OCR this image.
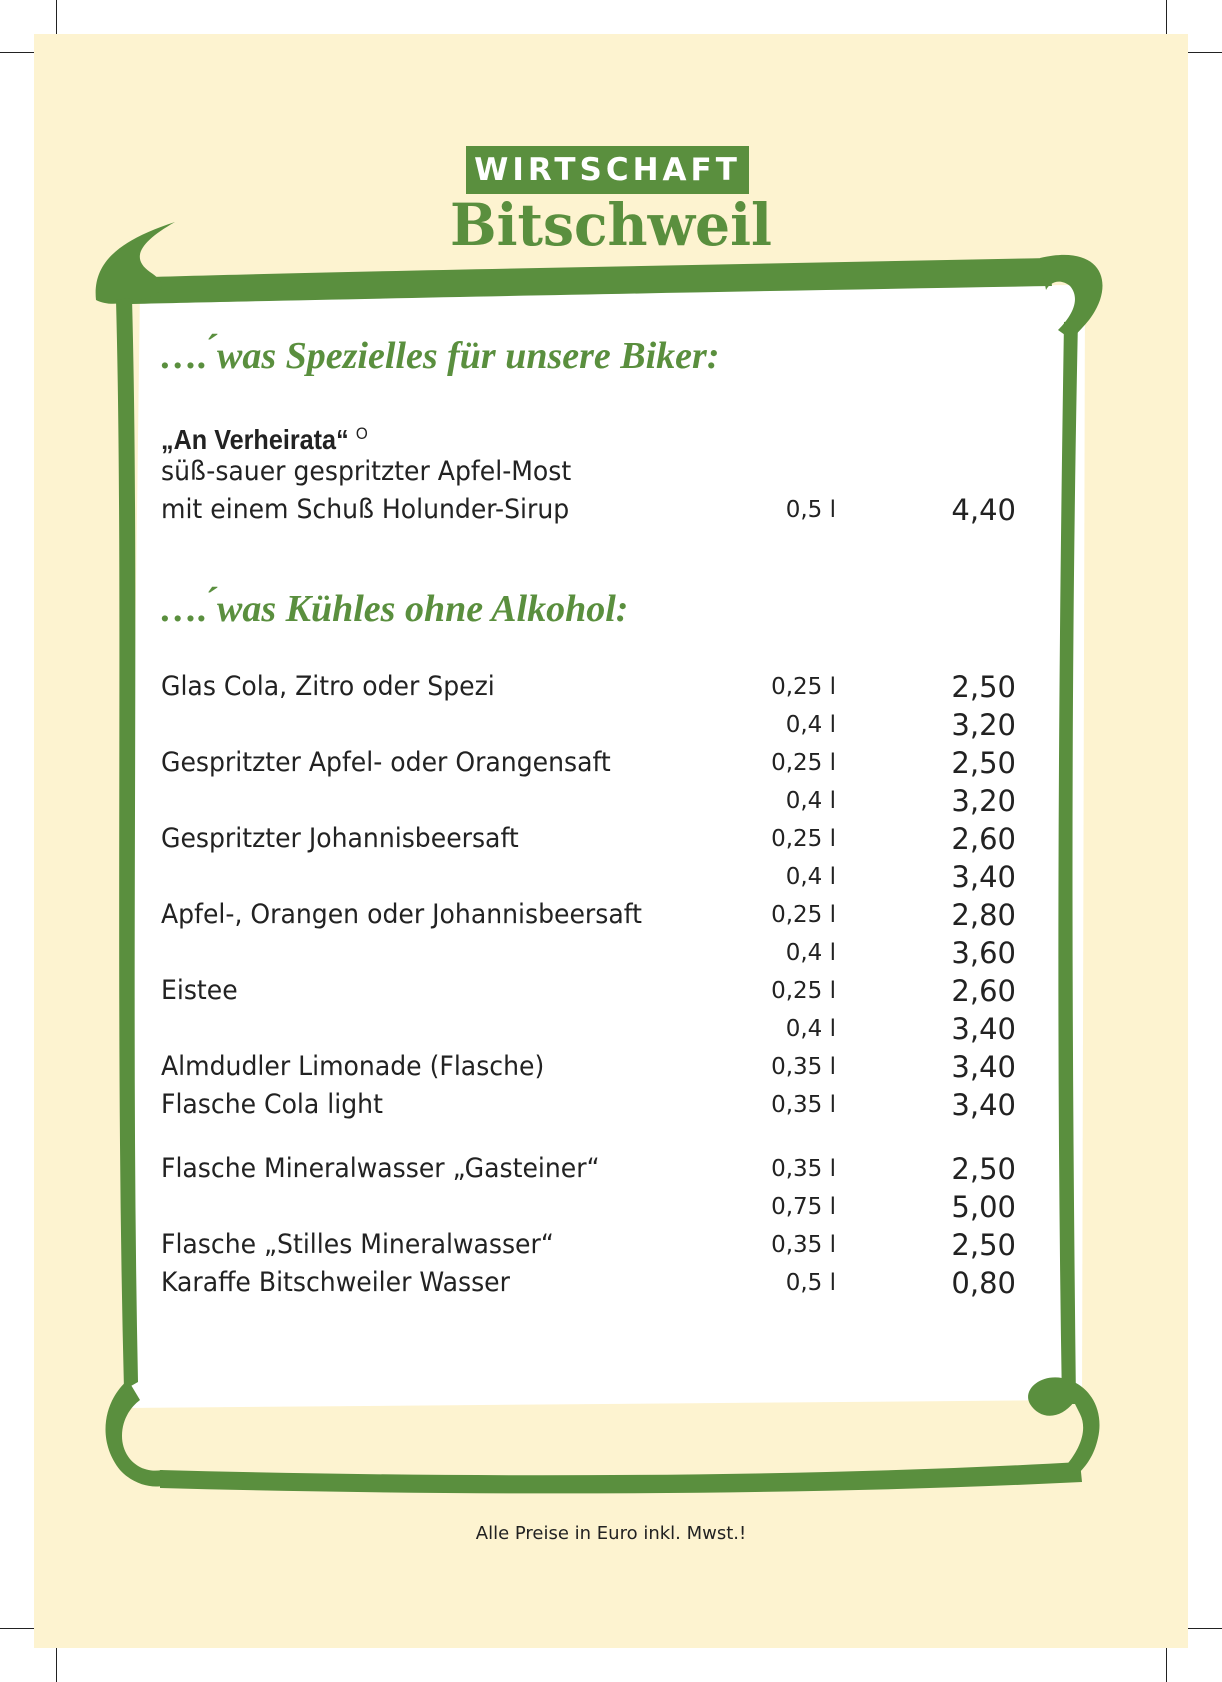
WIRTSCHAFT
Bitschweil
…. ́was Spezielles für unsere Biker:
„An Verheirata“ $^O$
süß-sauer gespritzter Apfel-Most
mit einem Schuß Holunder-Sirup	0,5 l	4,40
…. ́was Kühles ohne Alkohol:
Glas Cola, Zitro oder Spezi	0,25 l	2,50
0,4 l	3,20
Gespritzter Apfel- oder Orangensaft	0,25 l	2,50
0,4 l	3,20
Gespritzter Johannisbeersaft	0,25 l	2,60
0,4 l	3,40
Apfel-, Orangen oder Johannisbeersaft	0,25 l	2,80
0,4 l	3,60
Eistee	0,25 l	2,60
0,4 l	3,40
Almdudler Limonade (Flasche)	0,35 l	3,40
Flasche Cola light	0,35 l	3,40
Flasche Mineralwasser „Gasteiner“	0,35 l	2,50
0,75 l	5,00
Flasche „Stilles Mineralwasser“	0,35 l	2,50
Karaffe Bitschweiler Wasser	0,5 l	0,80
Alle Preise in Euro inkl. Mwst.!
